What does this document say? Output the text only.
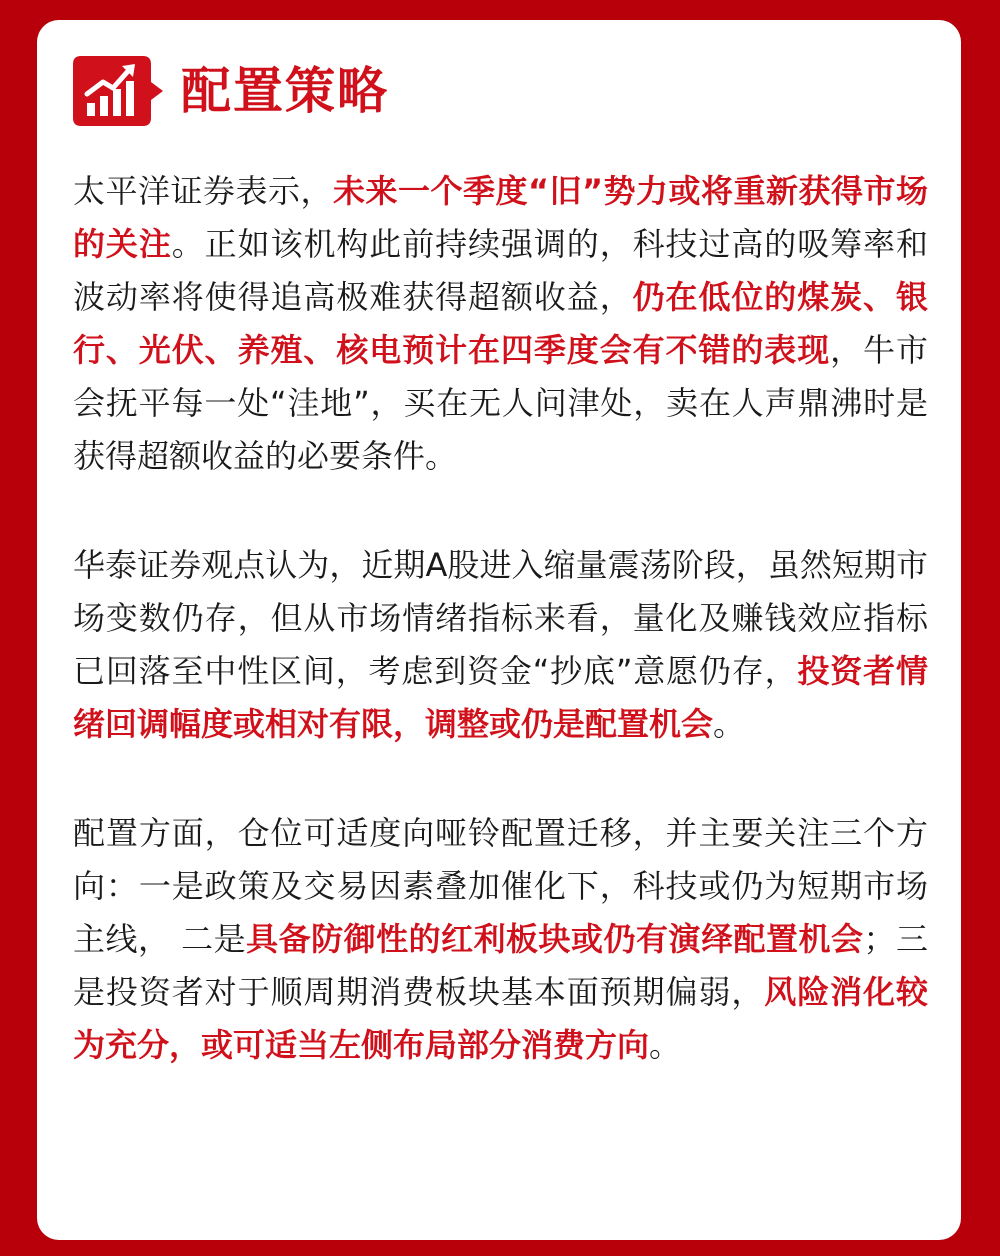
配置策略

太平洋证券表示，未来一个季度“旧”势力或将重新获得市场的关注。正如该机构此前持续强调的，科技过高的吸筹率和波动率将使得追高极难获得超额收益，仍在低位的煤炭、银行、光伏、养殖、核电预计在四季度会有不错的表现，牛市会抚平每一处“洼地”，买在无人问津处，卖在人声鼎沸时是获得超额收益的必要条件。

华泰证券观点认为，近期A股进入缩量震荡阶段，虽然短期市场变数仍存，但从市场情绪指标来看，量化及赚钱效应指标已回落至中性区间，考虑到资金“抄底”意愿仍存，投资者情绪回调幅度或相对有限，调整或仍是配置机会。

配置方面，仓位可适度向哑铃配置迁移，并主要关注三个方向：一是政策及交易因素叠加催化下，科技或仍为短期市场主线， 二是具备防御性的红利板块或仍有演绎配置机会；三是投资者对于顺周期消费板块基本面预期偏弱，风险消化较为充分，或可适当左侧布局部分消费方向。
